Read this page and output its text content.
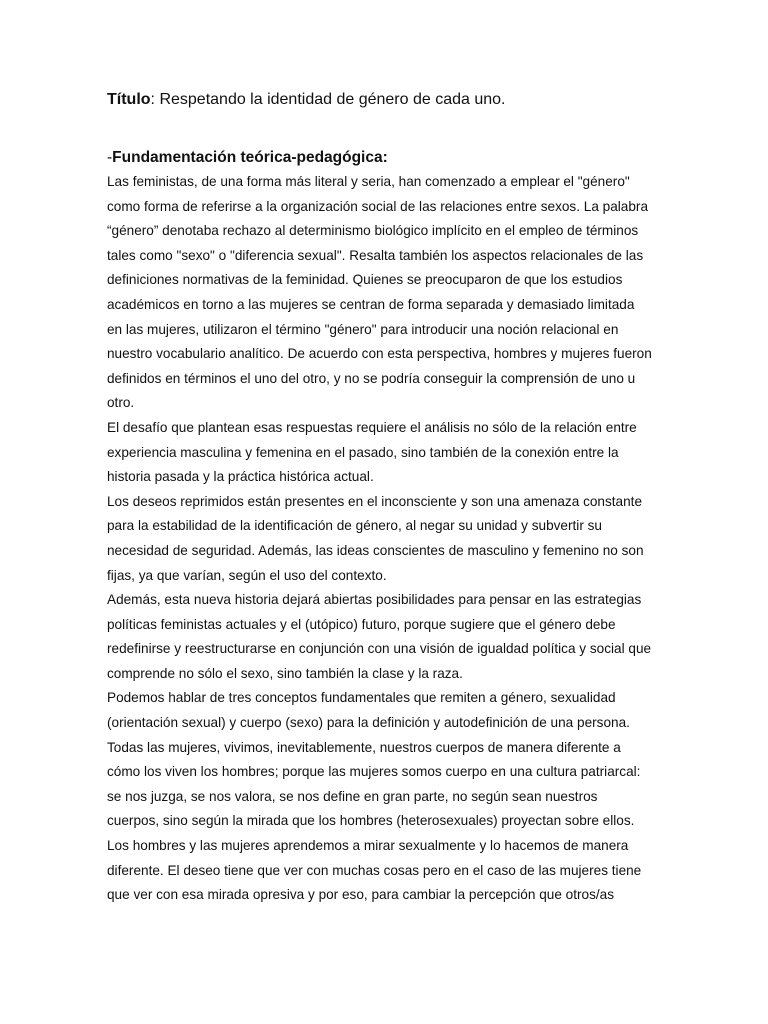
Título: Respetando la identidad de género de cada uno.
-Fundamentación teórica-pedagógica:
Las feministas, de una forma más literal y seria, han comenzado a emplear el "género"
como forma de referirse a la organización social de las relaciones entre sexos. La palabra
“género” denotaba rechazo al determinismo biológico implícito en el empleo de términos
tales como "sexo" o "diferencia sexual". Resalta también los aspectos relacionales de las
definiciones normativas de la feminidad. Quienes se preocuparon de que los estudios
académicos en torno a las mujeres se centran de forma separada y demasiado limitada
en las mujeres, utilizaron el término "género" para introducir una noción relacional en
nuestro vocabulario analítico. De acuerdo con esta perspectiva, hombres y mujeres fueron
definidos en términos el uno del otro, y no se podría conseguir la comprensión de uno u
otro.
El desafío que plantean esas respuestas requiere el análisis no sólo de la relación entre
experiencia masculina y femenina en el pasado, sino también de la conexión entre la
historia pasada y la práctica histórica actual.
Los deseos reprimidos están presentes en el inconsciente y son una amenaza constante
para la estabilidad de la identificación de género, al negar su unidad y subvertir su
necesidad de seguridad. Además, las ideas conscientes de masculino y femenino no son
fijas, ya que varían, según el uso del contexto.
Además, esta nueva historia dejará abiertas posibilidades para pensar en las estrategias
políticas feministas actuales y el (utópico) futuro, porque sugiere que el género debe
redefinirse y reestructurarse en conjunción con una visión de igualdad política y social que
comprende no sólo el sexo, sino también la clase y la raza.
Podemos hablar de tres conceptos fundamentales que remiten a género, sexualidad
(orientación sexual) y cuerpo (sexo) para la definición y autodefinición de una persona.
Todas las mujeres, vivimos, inevitablemente, nuestros cuerpos de manera diferente a
cómo los viven los hombres; porque las mujeres somos cuerpo en una cultura patriarcal:
se nos juzga, se nos valora, se nos define en gran parte, no según sean nuestros
cuerpos, sino según la mirada que los hombres (heterosexuales) proyectan sobre ellos.
Los hombres y las mujeres aprendemos a mirar sexualmente y lo hacemos de manera
diferente. El deseo tiene que ver con muchas cosas pero en el caso de las mujeres tiene
que ver con esa mirada opresiva y por eso, para cambiar la percepción que otros/as
